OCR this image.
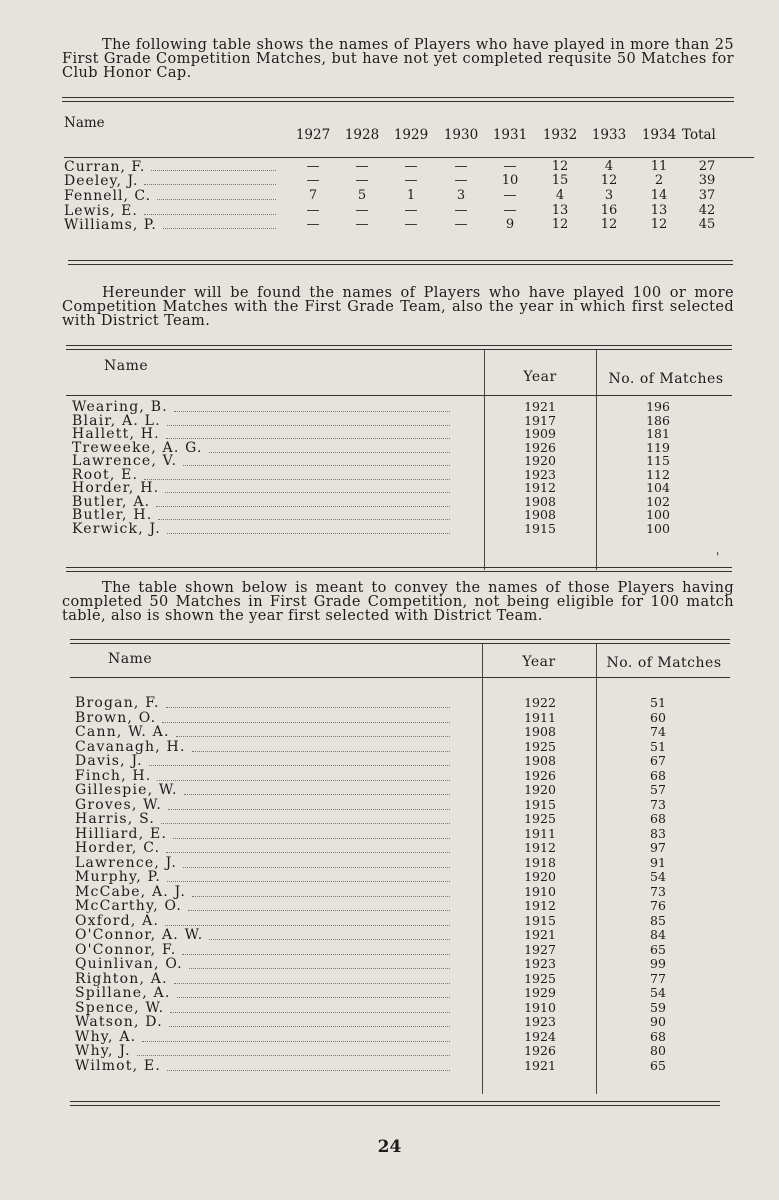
The following table shows the names of Players who have played in more than 25 First Grade Competition Matches, but have not yet completed requsite 50 Matches for Club Honor Cap.

Name
1927	1928	1929	1930	1931	1932	1933	1934 Total
Curran, F.	—	—	—	—	—	12	4	11	27
Deeley, J.	—	—	—	—	10	15	12	2	39
Fennell, C.	7	5	1	3	—	4	3	14	37
Lewis, E.	—	—	—	—	—	13	16	13	42
Williams, P.	—	—	—	—	9	12	12	12	45

Hereunder will be found the names of Players who have played 100 or more Competition Matches with the First Grade Team, also the year in which first selected with District Team.

Name
Year	No. of Matches
Wearing, B.	1921	196
Blair, A. L.	1917	186
Hallett, H.	1909	181
Treweeke, A. G.	1926	119
Lawrence, V.	1920	115
Root, E.	1923	112
Horder, H.	1912	104
Butler, A.	1908	102
Butler, H.	1908	100
Kerwick, J.	1915	100
'

The table shown below is meant to convey the names of those Players having completed 50 Matches in First Grade Competition, not being eligible for 100 match table, also is shown the year first selected with District Team.

Name	Year	No. of Matches
Brogan, F.	1922	51
Brown, O.	1911	60
Cann, W. A.	1908	74
Cavanagh, H.	1925	51
Davis, J.	1908	67
Finch, H.	1926	68
Gillespie, W.	1920	57
Groves, W.	1915	73
Harris, S.	1925	68
Hilliard, E.	1911	83
Horder, C.	1912	97
Lawrence, J.	1918	91
Murphy, P.	1920	54
McCabe, A. J.	1910	73
McCarthy, O.	1912	76
Oxford, A.	1915	85
O'Connor, A. W.	1921	84
O'Connor, F.	1927	65
Quinlivan, O.	1923	99
Righton, A.	1925	77
Spillane, A.	1929	54
Spence, W.	1910	59
Watson, D.	1923	90
Why, A.	1924	68
Why, J.	1926	80
Wilmot, E.	1921	65
24
